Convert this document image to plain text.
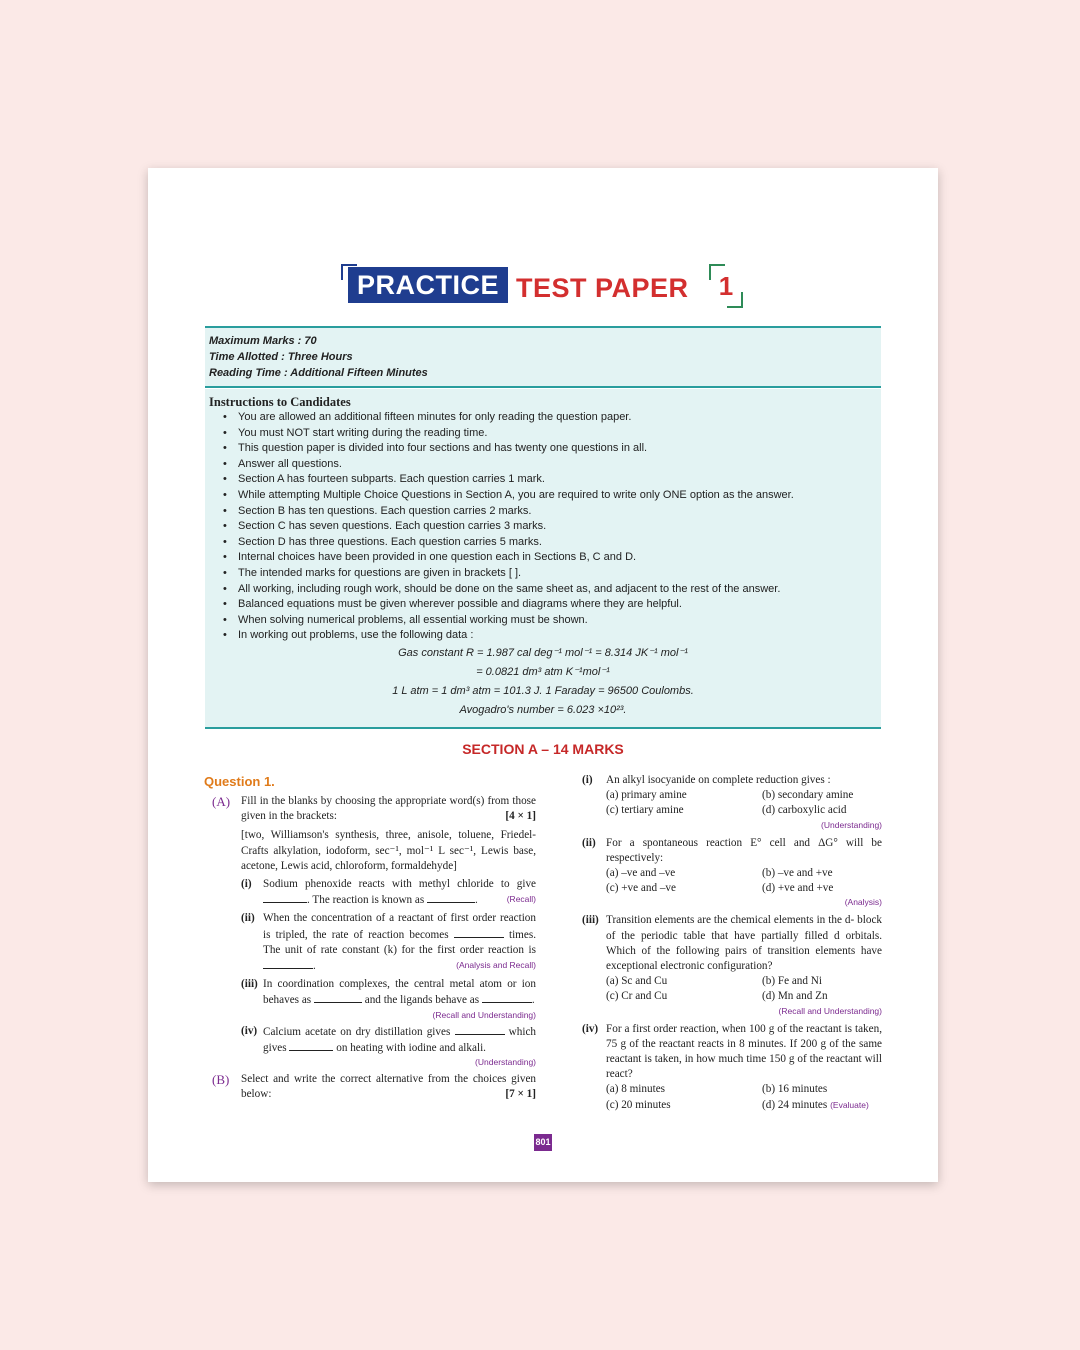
PRACTICE TEST PAPER	1
Maximum Marks : 70
Time Allotted : Three Hours
Reading Time : Additional Fifteen Minutes
Instructions to Candidates
• You are allowed an additional fifteen minutes for only reading the question paper.
• You must NOT start writing during the reading time.
• This question paper is divided into four sections and has twenty one questions in all.
• Answer all questions.
• Section A has fourteen subparts. Each question carries 1 mark.
• While attempting Multiple Choice Questions in Section A, you are required to write only ONE option as the answer.
• Section B has ten questions. Each question carries 2 marks.
• Section C has seven questions. Each question carries 3 marks.
• Section D has three questions. Each question carries 5 marks.
• Internal choices have been provided in one question each in Sections B, C and D.
• The intended marks for questions are given in brackets [ ].
• All working, including rough work, should be done on the same sheet as, and adjacent to the rest of the answer.
• Balanced equations must be given wherever possible and diagrams where they are helpful.
• When solving numerical problems, all essential working must be shown.
• In working out problems, use the following data :
Gas constant R = 1.987 cal deg⁻¹ mol⁻¹ = 8.314 JK⁻¹ mol⁻¹
= 0.0821 dm³ atm K⁻¹mol⁻¹
1 L atm = 1 dm³ atm = 101.3 J. 1 Faraday = 96500 Coulombs.
Avogadro's number = 6.023 ×10²³.
SECTION A – 14 MARKS
Question 1.
(A) Fill in the blanks by choosing the appropriate word(s) from those given in the brackets:	[4 × 1]
[two, Williamson's synthesis, three, anisole, toluene, Friedel-Crafts alkylation, iodoform, sec⁻¹, mol⁻¹ L sec⁻¹, Lewis base, acetone, Lewis acid, chloroform, formaldehyde]
(i) Sodium phenoxide reacts with methyl chloride to give . The reaction is known as	.	(Recall)
(ii) When the concentration of a reactant of first order reaction is tripled, the rate of reaction becomes	times. The unit of rate constant (k) for the first order reaction is .	(Analysis and Recall)
(iii) In coordination complexes, the central metal atom or ion behaves as	and the ligands behave as	.
(Recall and Understanding)
(iv) Calcium acetate on dry distillation gives	which gives	on heating with iodine and alkali.
(Understanding)
(B) Select and write the correct alternative from the choices given below:	[7 × 1]
(i) An alkyl isocyanide on complete reduction gives :
(a) primary amine	(b) secondary amine
(c) tertiary amine	(d) carboxylic acid
(Understanding)
(ii) For a spontaneous reaction E° cell and ΔG° will be respectively:
(a) –ve and –ve	(b) –ve and +ve
(c) +ve and –ve	(d) +ve and +ve
(Analysis)
(iii) Transition elements are the chemical elements in the d- block of the periodic table that have partially filled d orbitals. Which of the following pairs of transition elements have exceptional electronic configuration?
(a) Sc and Cu	(b) Fe and Ni
(c) Cr and Cu	(d) Mn and Zn
(Recall and Understanding)
(iv) For a first order reaction, when 100 g of the reactant is taken, 75 g of the reactant reacts in 8 minutes. If 200 g of the same reactant is taken, in how much time 150 g of the reactant will react?
(a) 8 minutes	(b) 16 minutes
(c) 20 minutes	(d) 24 minutes (Evaluate)
801
